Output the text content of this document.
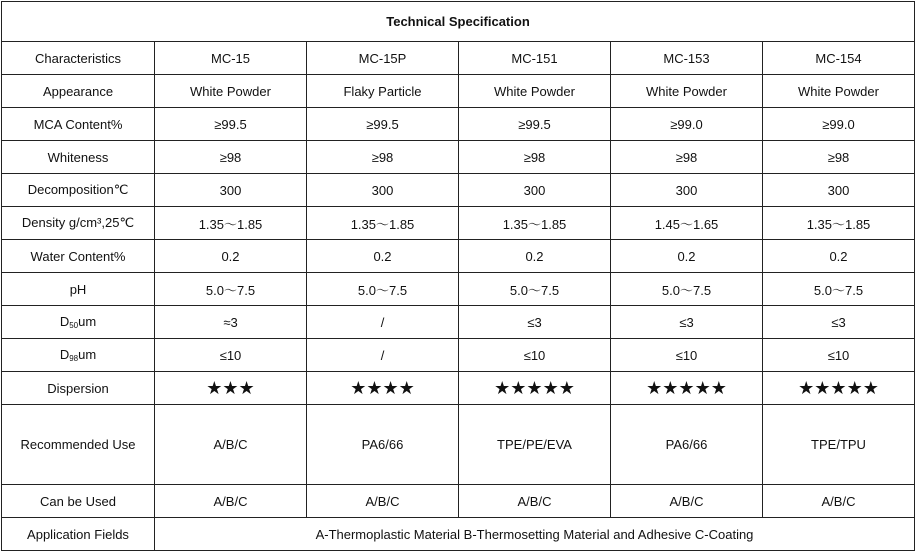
Technical Specification					
Characteristics	MC-15	MC-15P	MC-151	MC-153	MC-154
Appearance	White Powder	Flaky Particle	White Powder	White Powder	White Powder
MCA Content%	≥99.5	≥99.5	≥99.5	≥99.0	≥99.0
Whiteness	≥98	≥98	≥98	≥98	≥98
Decomposition℃	300	300	300	300	300
Density g/cm³,25℃	1.35～1.85	1.35～1.85	1.35～1.85	1.45～1.65	1.35～1.85
Water Content%	0.2	0.2	0.2	0.2	0.2
pH	5.0～7.5	5.0～7.5	5.0～7.5	5.0～7.5	5.0～7.5
$D_{50}um$	≈3	/	≤3	≤3	≤3
$D_{98}um$	≤10	/	≤10	≤10	≤10
Dispersion	★★★	★★★★	★★★★★	★★★★★	★★★★★
Recommended Use	A/B/C	PA6/66	TPE/PE/EVA	PA6/66	TPE/TPU
Can be Used	A/B/C	A/B/C	A/B/C	A/B/C	A/B/C
Application Fields	A-Thermoplastic Material B-Thermosetting Material and Adhesive C-Coating				
